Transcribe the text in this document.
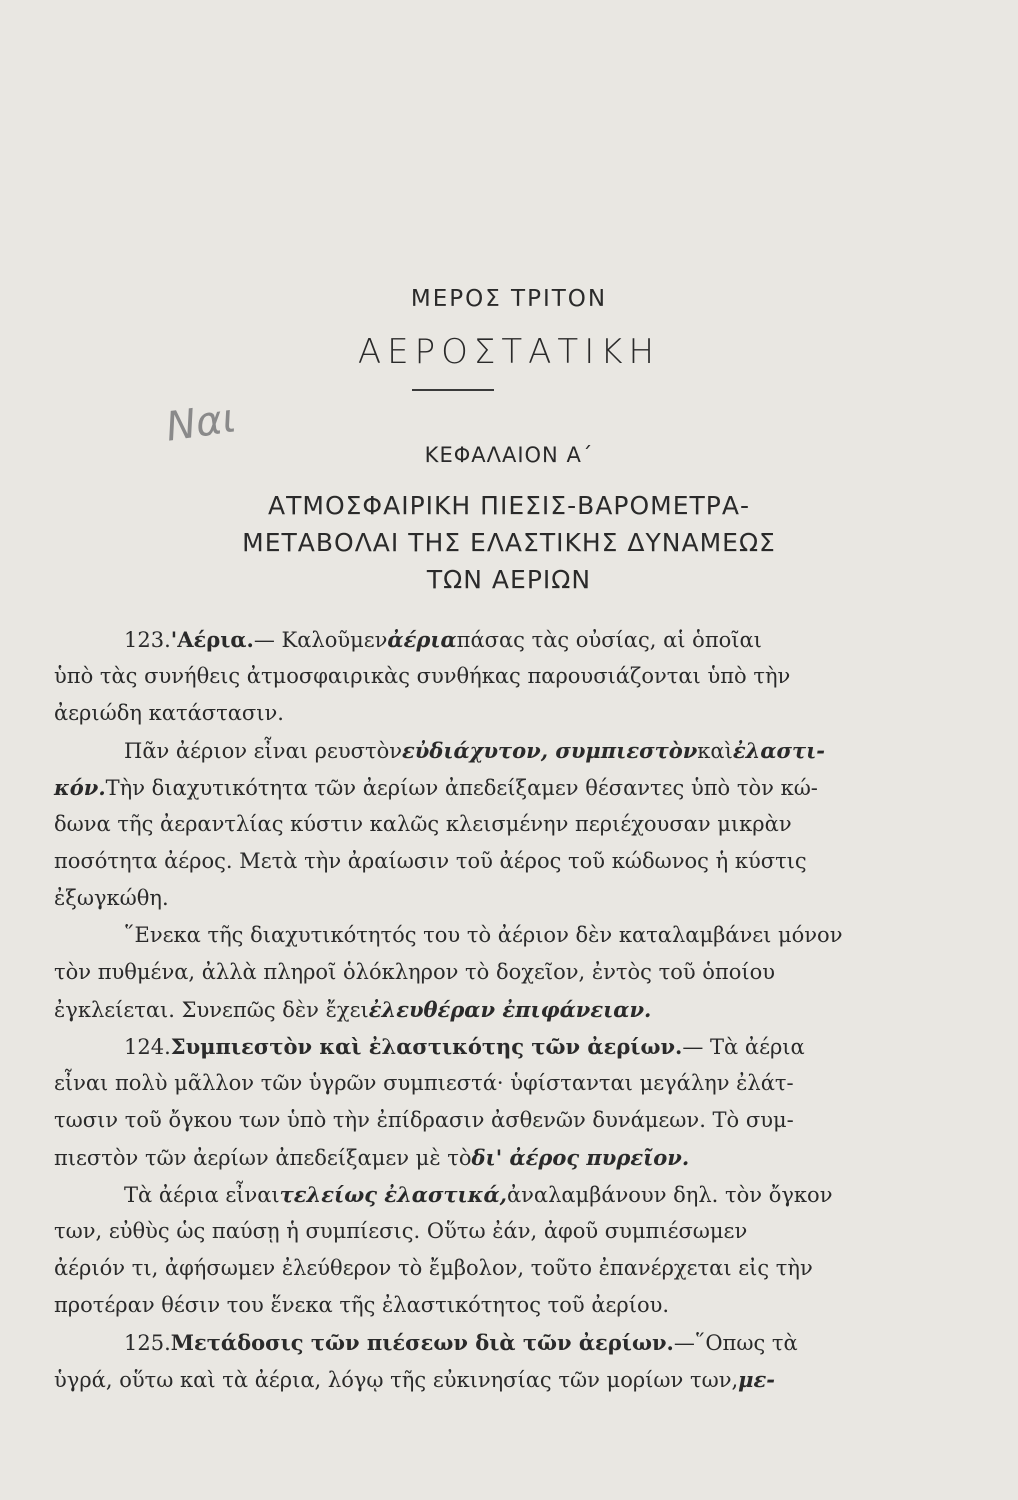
ΜΕΡΟΣ ΤΡΙΤΟΝ
ΑΕΡΟΣΤΑΤΙΚΗ
Ναι
ΚΕΦΑΛΑΙΟΝ Α΄
ΑΤΜΟΣΦΑΙΡΙΚΗ ΠΙΕΣΙΣ-ΒΑΡΟΜΕΤΡΑ-
ΜΕΤΑΒΟΛΑΙ ΤΗΣ ΕΛΑΣΤΙΚΗΣ ΔΥΝΑΜΕΩΣ
ΤΩΝ ΑΕΡΙΩΝ
123.'Αέρια.— Καλοῦμενἀέριαπάσας τὰς οὐσίας, αἱ ὁποῖαι
ὑπὸ τὰς συνήθεις ἀτμοσφαιρικὰς συνθήκας παρουσιάζονται ὑπὸ τὴν
ἀεριώδη κατάστασιν.
Πᾶν ἀέριον εἶναι ρευστὸνεὐδιάχυτον, συμπιεστὸνκαὶἐλαστι-
κόν.Τὴν διαχυτικότητα τῶν ἀερίων ἀπεδείξαμεν θέσαντες ὑπὸ τὸν κώ-
δωνα τῆς ἀεραντλίας κύστιν καλῶς κλεισμένην περιέχουσαν μικρὰν
ποσότητα ἀέρος. Μετὰ τὴν ἀραίωσιν τοῦ ἀέρος τοῦ κώδωνος ἡ κύστις
ἐξωγκώθη.
῞Ενεκα τῆς διαχυτικότητός του τὸ ἀέριον δὲν καταλαμβάνει μόνον
τὸν πυθμένα, ἀλλὰ πληροῖ ὁλόκληρον τὸ δοχεῖον, ἐντὸς τοῦ ὁποίου
ἐγκλείεται. Συνεπῶς δὲν ἔχειἐλευθέραν ἐπιφάνειαν.
124.Συμπιεστὸν καὶ ἐλαστικότης τῶν ἀερίων.— Τὰ ἀέρια
εἶναι πολὺ μᾶλλον τῶν ὑγρῶν συμπιεστά· ὑφίστανται μεγάλην ἐλάτ-
τωσιν τοῦ ὄγκου των ὑπὸ τὴν ἐπίδρασιν ἀσθενῶν δυνάμεων. Τὸ συμ-
πιεστὸν τῶν ἀερίων ἀπεδείξαμεν μὲ τὸδι' ἀέρος πυρεῖον.
Τὰ ἀέρια εἶναιτελείως ἐλαστικά,ἀναλαμβάνουν δηλ. τὸν ὄγκον
των, εὐθὺς ὡς παύσῃ ἡ συμπίεσις. Οὕτω ἐάν, ἀφοῦ συμπιέσωμεν
ἀέριόν τι, ἀφήσωμεν ἐλεύθερον τὸ ἔμβολον, τοῦτο ἐπανέρχεται εἰς τὴν
προτέραν θέσιν του ἕνεκα τῆς ἐλαστικότητος τοῦ ἀερίου.
125.Μετάδοσις τῶν πιέσεων διὰ τῶν ἀερίων.—῞Οπως τὰ
ὑγρά, οὕτω καὶ τὰ ἀέρια, λόγῳ τῆς εὐκινησίας τῶν μορίων των,με-
